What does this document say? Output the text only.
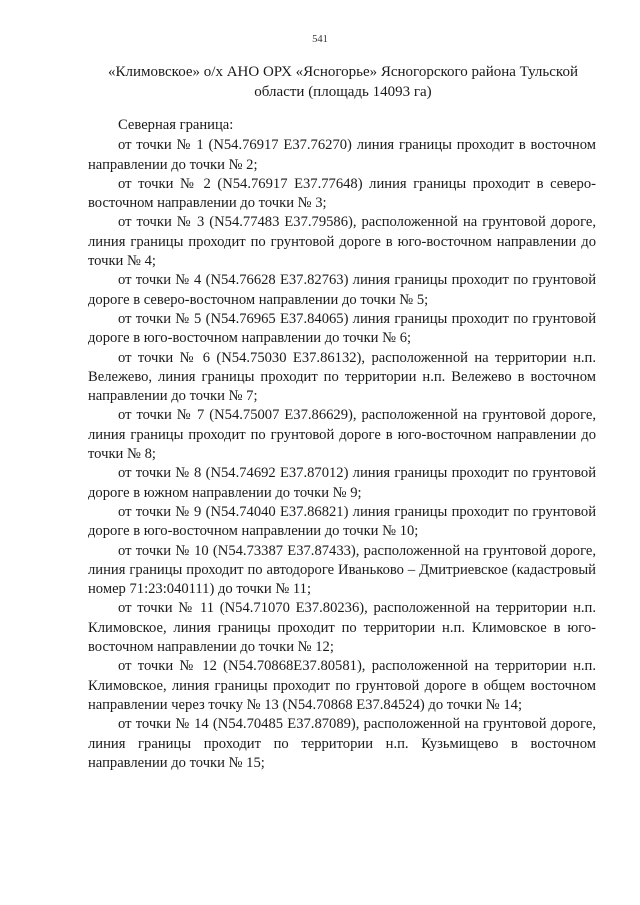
541
«Климовское» о/х АНО ОРХ «Ясногорье» Ясногорского района Тульской области (площадь 14093 га)

Северная граница:

от точки № 1 (N54.76917 E37.76270) линия границы проходит в восточном направлении до точки № 2;

от точки № 2 (N54.76917 E37.77648) линия границы проходит в северо-восточном направлении до точки № 3;

от точки № 3 (N54.77483 E37.79586), расположенной на грунтовой дороге, линия границы проходит по грунтовой дороге в юго-восточном направлении до точки № 4;

от точки № 4 (N54.76628 E37.82763) линия границы проходит по грунтовой дороге в северо-восточном направлении до точки № 5;

от точки № 5 (N54.76965 E37.84065) линия границы проходит по грунтовой дороге в юго-восточном направлении до точки № 6;

от точки № 6 (N54.75030 E37.86132), расположенной на территории н.п. Вележево, линия границы проходит по территории н.п. Вележево в восточном направлении до точки № 7;

от точки № 7 (N54.75007 E37.86629), расположенной на грунтовой дороге, линия границы проходит по грунтовой дороге в юго-восточном направлении до точки № 8;

от точки № 8 (N54.74692 E37.87012) линия границы проходит по грунтовой дороге в южном направлении до точки № 9;

от точки № 9 (N54.74040 E37.86821) линия границы проходит по грунтовой дороге в юго-восточном направлении до точки № 10;

от точки № 10 (N54.73387 E37.87433), расположенной на грунтовой дороге, линия границы проходит по автодороге Иваньково – Дмитриевское (кадастровый номер 71:23:040111) до точки № 11;

от точки № 11 (N54.71070 E37.80236), расположенной на территории н.п. Климовское, линия границы проходит по территории н.п. Климовское в юго-восточном направлении до точки № 12;

от точки № 12 (N54.70868E37.80581), расположенной на территории н.п. Климовское, линия границы проходит по грунтовой дороге в общем восточном направлении через точку № 13 (N54.70868 E37.84524) до точки № 14;

от точки № 14 (N54.70485 E37.87089), расположенной на грунтовой дороге, линия границы проходит по территории н.п. Кузьмищево в восточном направлении до точки № 15;
